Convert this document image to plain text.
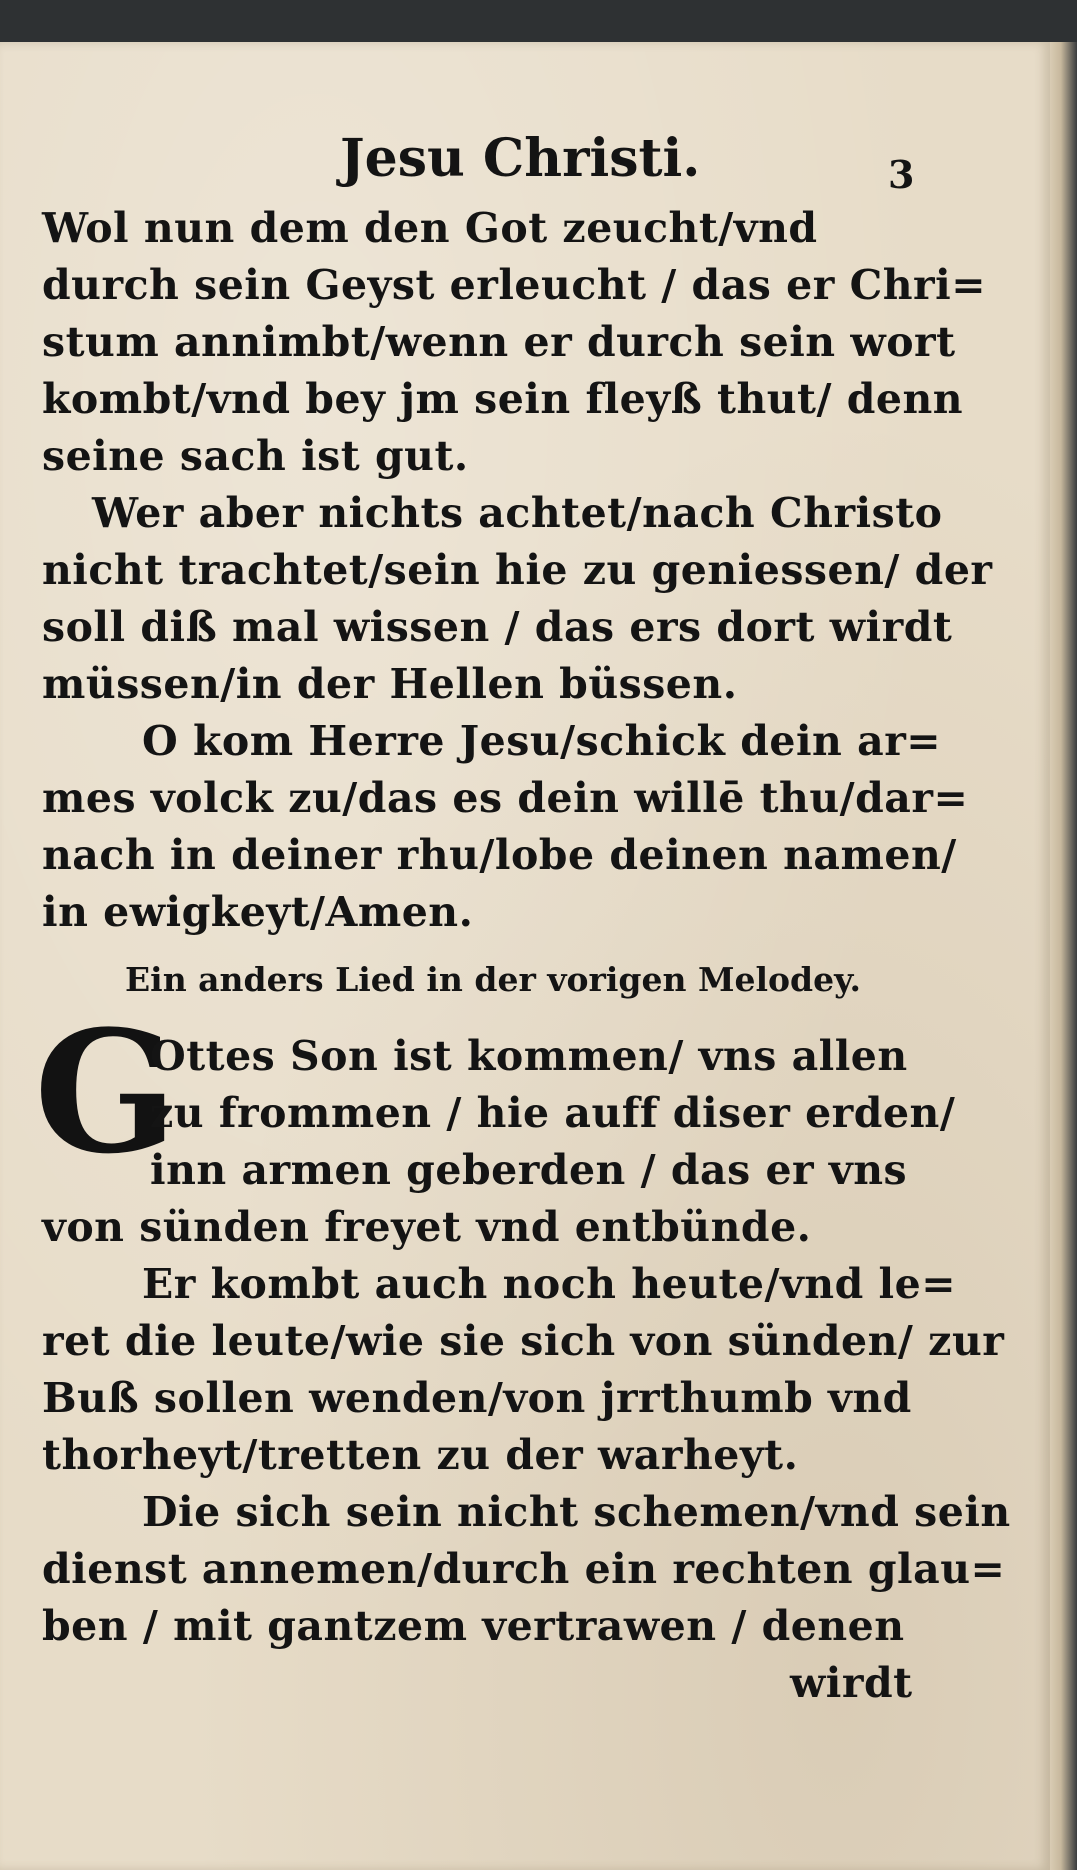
Jesu Christi.	3
Wol nun dem den Got zeucht/vnd
durch sein Geyst erleucht / das er Chri=
stum annimbt/wenn er durch sein wort
kombt/vnd bey jm sein fleyß thut/ denn
seine sach ist gut.
Wer aber nichts achtet/nach Christo
nicht trachtet/sein hie zu geniessen/ der
soll diß mal wissen / das ers dort wirdt
müssen/in der Hellen büssen.
O kom Herre Jesu/schick dein ar=
mes volck zu/das es dein willē thu/dar=
nach in deiner rhu/lobe deinen namen/
in ewigkeyt/Amen.
Ein anders Lied in der vorigen Melodey.
G
Ottes Son ist kommen/ vns allen
zu frommen / hie auff diser erden/
inn armen geberden / das er vns
von sünden freyet vnd entbünde.
Er kombt auch noch heute/vnd le=
ret die leute/wie sie sich von sünden/ zur
Buß sollen wenden/von jrrthumb vnd
thorheyt/tretten zu der warheyt.
Die sich sein nicht schemen/vnd sein
dienst annemen/durch ein rechten glau=
ben / mit gantzem vertrawen / denen
wirdt
